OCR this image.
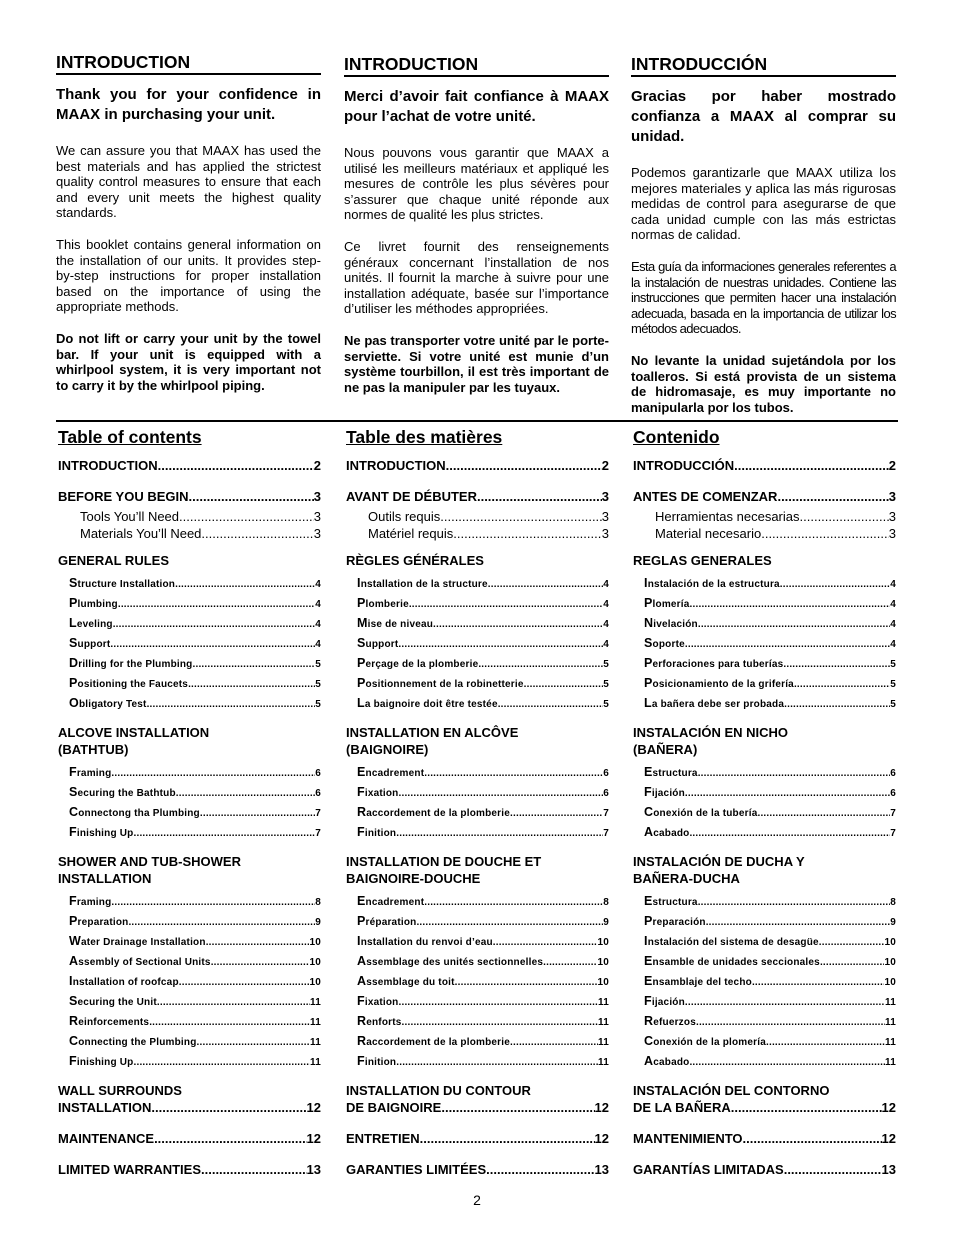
INTRODUCTION

Thank you for your confidence in MAAX in purchasing your unit.

We can assure you that MAAX has used the best materials and has applied the strictest quality control measures to ensure that each and every unit meets the highest quality standards.

This booklet contains general information on the installation of our units. It provides step-by-step instructions for proper installation based on the importance of using the appropriate methods.

Do not lift or carry your unit by the towel bar. If your unit is equipped with a whirlpool system, it is very important not to carry it by the whirlpool piping.

INTRODUCTION

Merci d’avoir fait confiance à MAAX pour l’achat de votre unité.

Nous pouvons vous garantir que MAAX a utilisé les meilleurs matériaux et appliqué les mesures de contrôle les plus sévères pour s’assurer que chaque unité réponde aux normes de qualité les plus strictes.

Ce livret fournit des renseignements généraux concernant l’installation de nos unités. Il fournit la marche à suivre pour une installation adéquate, basée sur l’importance d’utiliser les méthodes appropriées.

Ne pas transporter votre unité par le porte-serviette. Si votre unité est munie d’un système tourbillon, il est très important de ne pas la manipuler par les tuyaux.

INTRODUCCIÓN

Gracias por haber mostrado confianza a MAAX al comprar su unidad.

Podemos garantizarle que MAAX utiliza los mejores materiales y aplica las más rigurosas medidas de control para asegurarse de que cada unidad cumple con las más estrictas normas de calidad.

Esta guía da informaciones generales referentes a la instalación de nuestras unidades. Contiene las instrucciones que permiten hacer una instalación adecuada, basada en la importancia de utilizar los métodos adecuados.

No levante la unidad sujetándola por los toalleros. Si está provista de un sistema de hidromasaje, es muy importante no manipularla por los tubos.

Table of contents
INTRODUCTION .....	2
BEFORE YOU BEGIN .....	3
Tools You’ll Need .....	3
Materials You’ll Need .....	3
GENERAL RULES
Structure Installation .....	4
Plumbing .....	4
Leveling .....	4
Support .....	4
Drilling for the Plumbing .....	5
Positioning the Faucets .....	5
Obligatory Test .....	5
ALCOVE INSTALLATION
(BATHTUB)
Framing .....	6
Securing the Bathtub .....	6
Connectong tha Plumbing .....	7
Finishing Up .....	7
SHOWER AND TUB-SHOWER
INSTALLATION
Framing .....	8
Preparation .....	9
Water Drainage Installation .....	10
Assembly of Sectional Units .....	10
Installation of roofcap .....	10
Securing the Unit .....	11
Reinforcements .....	11
Connecting the Plumbing .....	11
Finishing Up .....	11
WALL SURROUNDS
INSTALLATION .....	12
MAINTENANCE .....	12
LIMITED WARRANTIES .....	13
Table des matières
INTRODUCTION .....	2
AVANT DE DÉBUTER .....	3
Outils requis .....	3
Matériel requis .....	3
RÈGLES GÉNÉRALES
Installation de la structure .....	4
Plomberie .....	4
Mise de niveau .....	4
Support .....	4
Perçage de la plomberie .....	5
Positionnement de la robinetterie .....	5
La baignoire doit être testée .....	5
INSTALLATION EN ALCÔVE
(BAIGNOIRE)
Encadrement .....	6
Fixation .....	6
Raccordement de la plomberie .....	7
Finition .....	7
INSTALLATION DE DOUCHE ET
BAIGNOIRE-DOUCHE
Encadrement .....	8
Préparation .....	9
Installation du renvoi d’eau .....	10
Assemblage des unités sectionnelles .....	10
Assemblage du toit .....	10
Fixation .....	11
Renforts .....	11
Raccordement de la plomberie .....	11
Finition .....	11
INSTALLATION DU CONTOUR
DE BAIGNOIRE .....	12
ENTRETIEN .....	12
GARANTIES LIMITÉES .....	13
Contenido
INTRODUCCIÓN .....	2
ANTES DE COMENZAR .....	3
Herramientas necesarias .....	3
Material necesario .....	3
REGLAS GENERALES
Instalación de la estructura .....	4
Plomería .....	4
Nivelación .....	4
Soporte .....	4
Perforaciones para tuberías .....	5
Posicionamiento de la grifería .....	5
La bañera debe ser probada .....	5
INSTALACIÓN EN NICHO
(BAÑERA)
Estructura .....	6
Fijación .....	6
Conexión de la tubería .....	7
Acabado .....	7
INSTALACIÓN DE DUCHA Y
BAÑERA-DUCHA
Estructura .....	8
Preparación .....	9
Instalación del sistema de desagüe .....	10
Ensamble de unidades seccionales .....	10
Ensamblaje del techo .....	10
Fijación .....	11
Refuerzos .....	11
Conexión de la plomería .....	11
Acabado .....	11
INSTALACIÓN DEL CONTORNO
DE LA BAÑERA .....	12
MANTENIMIENTO .....	12
GARANTÍAS LIMITADAS .....	13
2
